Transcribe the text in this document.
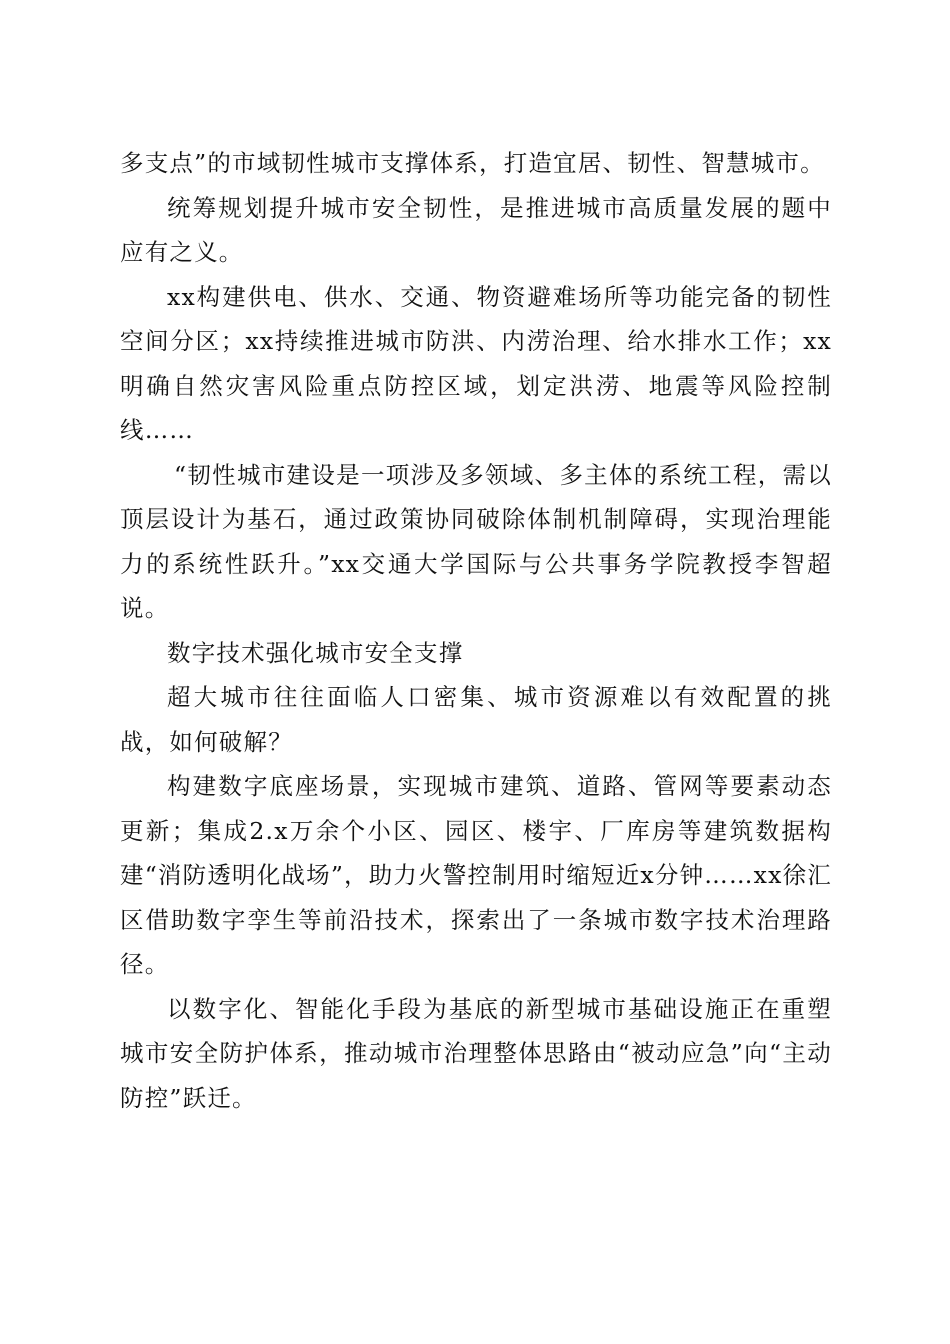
多支点”的市域韧性城市支撑体系，打造宜居、韧性、智慧城市。

统筹规划提升城市安全韧性，是推进城市高质量发展的题中应有之义。

xx构建供电、供水、交通、物资避难场所等功能完备的韧性空间分区；xx持续推进城市防洪、内涝治理、给水排水工作；xx明确自然灾害风险重点防控区域，划定洪涝、地震等风险控制线……

“韧性城市建设是一项涉及多领域、多主体的系统工程，需以顶层设计为基石，通过政策协同破除体制机制障碍，实现治理能力的系统性跃升。”xx交通大学国际与公共事务学院教授李智超说。

数字技术强化城市安全支撑

超大城市往往面临人口密集、城市资源难以有效配置的挑战，如何破解？

构建数字底座场景，实现城市建筑、道路、管网等要素动态更新；集成2.x万余个小区、园区、楼宇、厂库房等建筑数据构建“消防透明化战场”，助力火警控制用时缩短近x分钟……xx徐汇区借助数字孪生等前沿技术，探索出了一条城市数字技术治理路径。

以数字化、智能化手段为基底的新型城市基础设施正在重塑城市安全防护体系，推动城市治理整体思路由“被动应急”向“主动防控”跃迁。
